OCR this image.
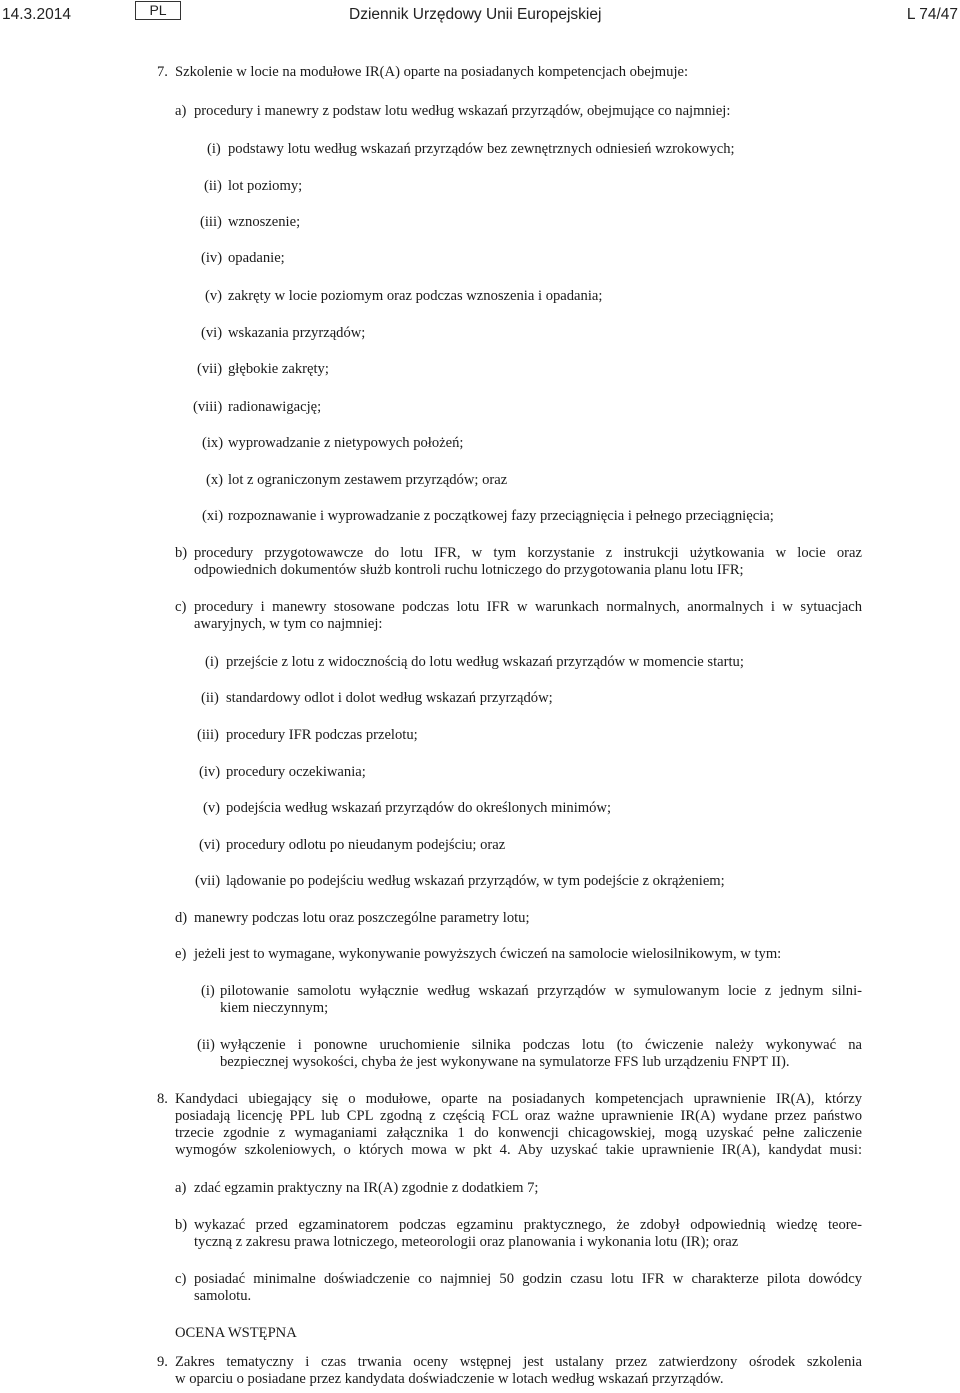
14.3.2014	PL	Dziennik Urzędowy Unii Europejskiej	L 74/47
7. Szkolenie w locie na modułowe IR(A) oparte na posiadanych kompetencjach obejmuje:
a) procedury i manewry z podstaw lotu według wskazań przyrządów, obejmujące co najmniej:
(i) podstawy lotu według wskazań przyrządów bez zewnętrznych odniesień wzrokowych;
(ii) lot poziomy;
(iii) wznoszenie;
(iv) opadanie;
(v) zakręty w locie poziomym oraz podczas wznoszenia i opadania;
(vi) wskazania przyrządów;
(vii) głębokie zakręty;
(viii) radionawigację;
(ix) wyprowadzanie z nietypowych położeń;
(x) lot z ograniczonym zestawem przyrządów; oraz
(xi) rozpoznawanie i wyprowadzanie z początkowej fazy przeciągnięcia i pełnego przeciągnięcia;
b) procedury przygotowawcze do lotu IFR, w tym korzystanie z instrukcji użytkowania w locie oraz
odpowiednich dokumentów służb kontroli ruchu lotniczego do przygotowania planu lotu IFR;
c) procedury i manewry stosowane podczas lotu IFR w warunkach normalnych, anormalnych i w sytuacjach
awaryjnych, w tym co najmniej:
(i) przejście z lotu z widocznością do lotu według wskazań przyrządów w momencie startu;
(ii) standardowy odlot i dolot według wskazań przyrządów;
(iii) procedury IFR podczas przelotu;
(iv) procedury oczekiwania;
(v) podejścia według wskazań przyrządów do określonych minimów;
(vi) procedury odlotu po nieudanym podejściu; oraz
(vii) lądowanie po podejściu według wskazań przyrządów, w tym podejście z okrążeniem;
d) manewry podczas lotu oraz poszczególne parametry lotu;
e) jeżeli jest to wymagane, wykonywanie powyższych ćwiczeń na samolocie wielosilnikowym, w tym:
(i) pilotowanie samolotu wyłącznie według wskazań przyrządów w symulowanym locie z jednym silni-
kiem nieczynnym;
(ii) wyłączenie i ponowne uruchomienie silnika podczas lotu (to ćwiczenie należy wykonywać na
bezpiecznej wysokości, chyba że jest wykonywane na symulatorze FFS lub urządzeniu FNPT II).
8. Kandydaci ubiegający się o modułowe, oparte na posiadanych kompetencjach uprawnienie IR(A), którzy
posiadają licencję PPL lub CPL zgodną z częścią FCL oraz ważne uprawnienie IR(A) wydane przez państwo
trzecie zgodnie z wymaganiami załącznika 1 do konwencji chicagowskiej, mogą uzyskać pełne zaliczenie
wymogów szkoleniowych, o których mowa w pkt 4. Aby uzyskać takie uprawnienie IR(A), kandydat musi:
a) zdać egzamin praktyczny na IR(A) zgodnie z dodatkiem 7;
b) wykazać przed egzaminatorem podczas egzaminu praktycznego, że zdobył odpowiednią wiedzę teore-
tyczną z zakresu prawa lotniczego, meteorologii oraz planowania i wykonania lotu (IR); oraz
c) posiadać minimalne doświadczenie co najmniej 50 godzin czasu lotu IFR w charakterze pilota dowódcy
samolotu.
OCENA WSTĘPNA
9. Zakres tematyczny i czas trwania oceny wstępnej jest ustalany przez zatwierdzony ośrodek szkolenia
w oparciu o posiadane przez kandydata doświadczenie w lotach według wskazań przyrządów.
